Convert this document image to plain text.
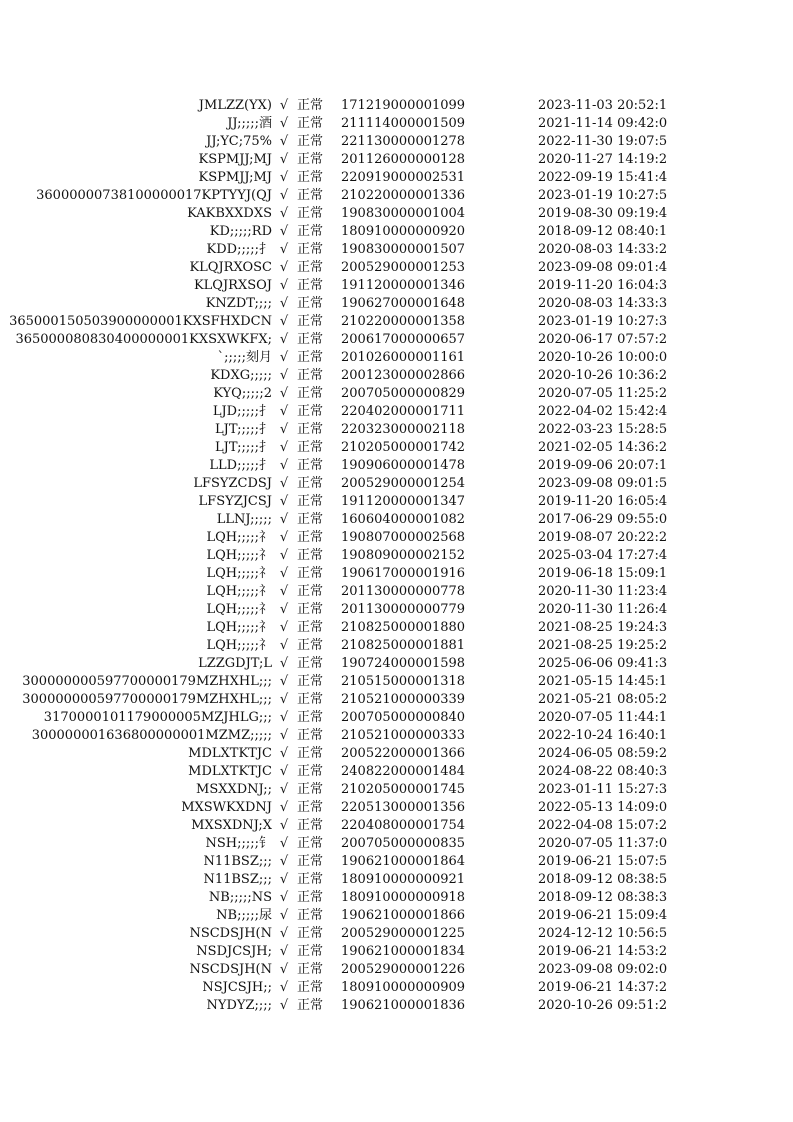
JMLZZ(YX) √ 正常 171219000001099	2023-11-03 20:52:1
JJ;;;;;酒 √ 正常 211114000001509	2021-11-14 09:42:0
JJ;YC;75% √ 正常 221130000001278	2022-11-30 19:07:5
KSPMJJ;MJ √ 正常 201126000000128	2020-11-27 14:19:2
KSPMJJ;MJ √ 正常 220919000002531	2022-09-19 15:41:4
36000000738100000017KPTYYJ(QJ √ 正常 210220000001336	2023-01-19 10:27:5
KAKBXXDXS √ 正常 190830000001004	2019-08-30 09:19:4
KD;;;;;RD √ 正常 180910000000920	2018-09-12 08:40:1
KDD;;;;;扌 √ 正常 190830000001507	2020-08-03 14:33:2
KLQJRXOSC √ 正常 200529000001253	2023-09-08 09:01:4
KLQJRXSOJ √ 正常 191120000001346	2019-11-20 16:04:3
KNZDT;;;; √ 正常 190627000001648	2020-08-03 14:33:3
365000150503900000001KXSFHXDCN √ 正常 210220000001358	2023-01-19 10:27:3
365000080830400000001KXSXWKFX; √ 正常 200617000000657	2020-06-17 07:57:2
`;;;;;刻月 √ 正常 201026000001161	2020-10-26 10:00:0
KDXG;;;;; √ 正常 200123000002866	2020-10-26 10:36:2
KYQ;;;;;2 √ 正常 200705000000829	2020-07-05 11:25:2
LJD;;;;;扌 √ 正常 220402000001711	2022-04-02 15:42:4
LJT;;;;;扌 √ 正常 220323000002118	2022-03-23 15:28:5
LJT;;;;;扌 √ 正常 210205000001742	2021-02-05 14:36:2
LLD;;;;;扌 √ 正常 190906000001478	2019-09-06 20:07:1
LFSYZCDSJ √ 正常 200529000001254	2023-09-08 09:01:5
LFSYZJCSJ √ 正常 191120000001347	2019-11-20 16:05:4
LLNJ;;;;; √ 正常 160604000001082	2017-06-29 09:55:0
LQH;;;;;礻 √ 正常 190807000002568	2019-08-07 20:22:2
LQH;;;;;礻 √ 正常 190809000002152	2025-03-04 17:27:4
LQH;;;;;礻 √ 正常 190617000001916	2019-06-18 15:09:1
LQH;;;;;礻 √ 正常 201130000000778	2020-11-30 11:23:4
LQH;;;;;礻 √ 正常 201130000000779	2020-11-30 11:26:4
LQH;;;;;礻 √ 正常 210825000001880	2021-08-25 19:24:3
LQH;;;;;礻 √ 正常 210825000001881	2021-08-25 19:25:2
LZZGDJT;L √ 正常 190724000001598	2025-06-06 09:41:3
300000000597700000179MZHXHL;;; √ 正常 210515000001318	2021-05-15 14:45:1
300000000597700000179MZHXHL;;; √ 正常 210521000000339	2021-05-21 08:05:2
3170000101179000005MZJHLG;;; √ 正常 200705000000840	2020-07-05 11:44:1
300000001636800000001MZMZ;;;;; √ 正常 210521000000333	2022-10-24 16:40:1
MDLXTKTJC √ 正常 200522000001366	2024-06-05 08:59:2
MDLXTKTJC √ 正常 240822000001484	2024-08-22 08:40:3
MSXXDNJ;; √ 正常 210205000001745	2023-01-11 15:27:3
MXSWKXDNJ √ 正常 220513000001356	2022-05-13 14:09:0
MXSXDNJ;X √ 正常 220408000001754	2022-04-08 15:07:2
NSH;;;;;钅 √ 正常 200705000000835	2020-07-05 11:37:0
N11BSZ;;; √ 正常 190621000001864	2019-06-21 15:07:5
N11BSZ;;; √ 正常 180910000000921	2018-09-12 08:38:5
NB;;;;;NS √ 正常 180910000000918	2018-09-12 08:38:3
NB;;;;;尿 √ 正常 190621000001866	2019-06-21 15:09:4
NSCDSJH(N √ 正常 200529000001225	2024-12-12 10:56:5
NSDJCSJH; √ 正常 190621000001834	2019-06-21 14:53:2
NSCDSJH(N √ 正常 200529000001226	2023-09-08 09:02:0
NSJCSJH;; √ 正常 180910000000909	2019-06-21 14:37:2
NYDYZ;;;; √ 正常 190621000001836	2020-10-26 09:51:2
